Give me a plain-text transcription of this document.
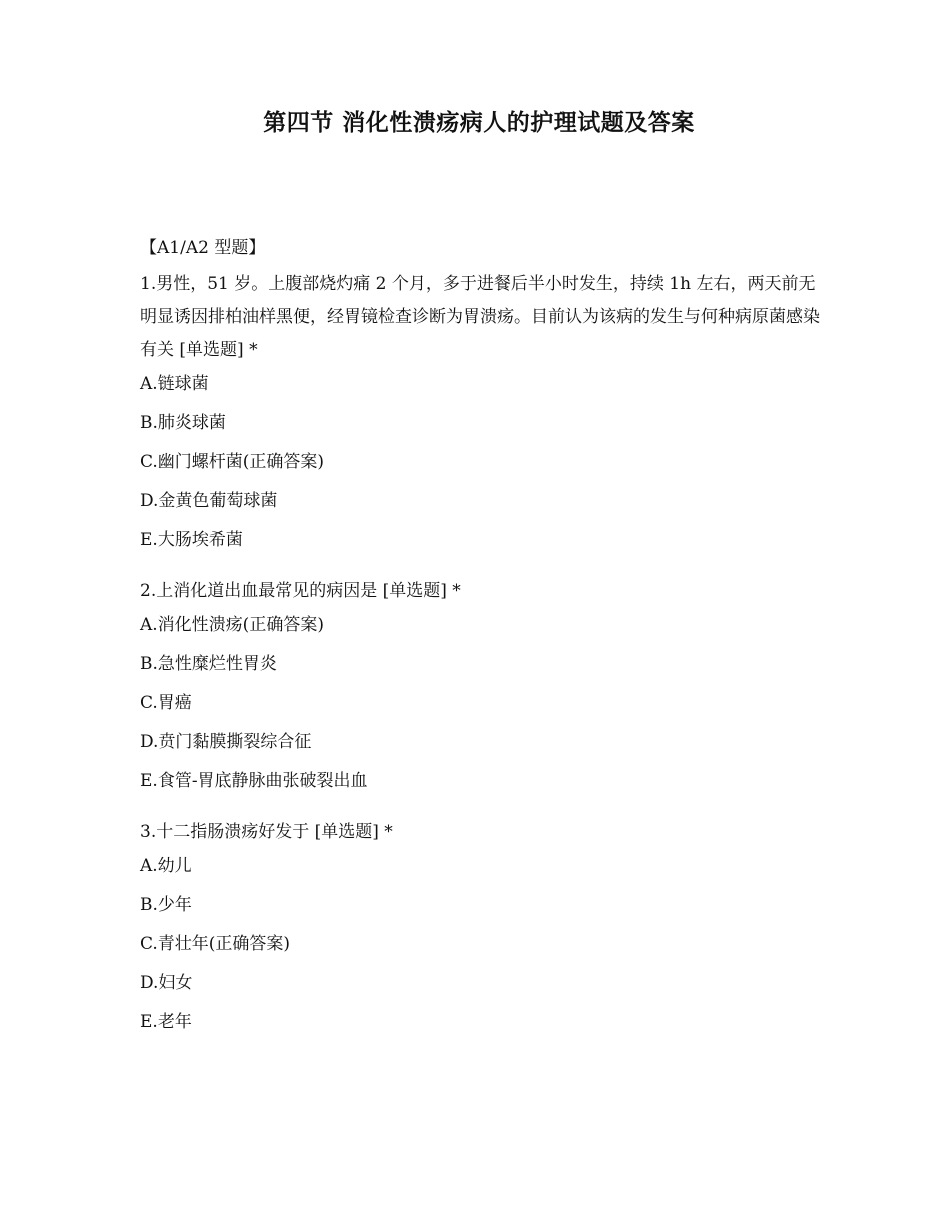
第四节 消化性溃疡病人的护理试题及答案
【A1/A2 型题】
1.男性，51 岁。上腹部烧灼痛 2 个月，多于进餐后半小时发生，持续 1h 左右，两天前无明显诱因排柏油样黑便，经胃镜检查诊断为胃溃疡。目前认为该病的发生与何种病原菌感染有关 [单选题] *
A.链球菌
B.肺炎球菌
C.幽门螺杆菌(正确答案)
D.金黄色葡萄球菌
E.大肠埃希菌
2.上消化道出血最常见的病因是 [单选题] *
A.消化性溃疡(正确答案)
B.急性糜烂性胃炎
C.胃癌
D.贲门黏膜撕裂综合征
E.食管-胃底静脉曲张破裂出血
3.十二指肠溃疡好发于 [单选题] *
A.幼儿
B.少年
C.青壮年(正确答案)
D.妇女
E.老年
